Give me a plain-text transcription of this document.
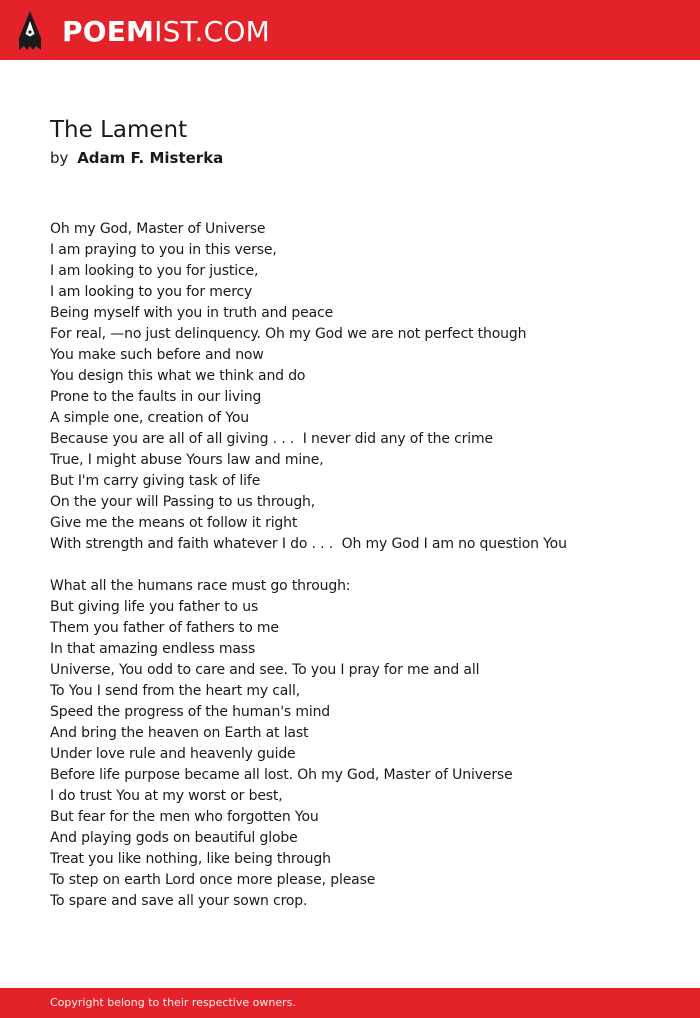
POEM IST.COM
The Lament
by Adam F. Misterka
Oh my God, Master of Universe
I am praying to you in this verse,
I am looking to you for justice,
I am looking to you for mercy
Being myself with you in truth and peace
For real, —no just delinquency. Oh my God we are not perfect though
You make such before and now
You design this what we think and do
Prone to the faults in our living
A simple one, creation of You
Because you are all of all giving . . .  I never did any of the crime
True, I might abuse Yours law and mine,
But I'm carry giving task of life
On the your will Passing to us through,
Give me the means ot follow it right
With strength and faith whatever I do . . .  Oh my God I am no question You
What all the humans race must go through:
But giving life you father to us
Them you father of fathers to me
In that amazing endless mass
Universe, You odd to care and see. To you I pray for me and all
To You I send from the heart my call,
Speed the progress of the human's mind
And bring the heaven on Earth at last
Under love rule and heavenly guide
Before life purpose became all lost. Oh my God, Master of Universe
I do trust You at my worst or best,
But fear for the men who forgotten You
And playing gods on beautiful globe
Treat you like nothing, like being through
To step on earth Lord once more please, please
To spare and save all your sown crop.
Copyright belong to their respective owners.
